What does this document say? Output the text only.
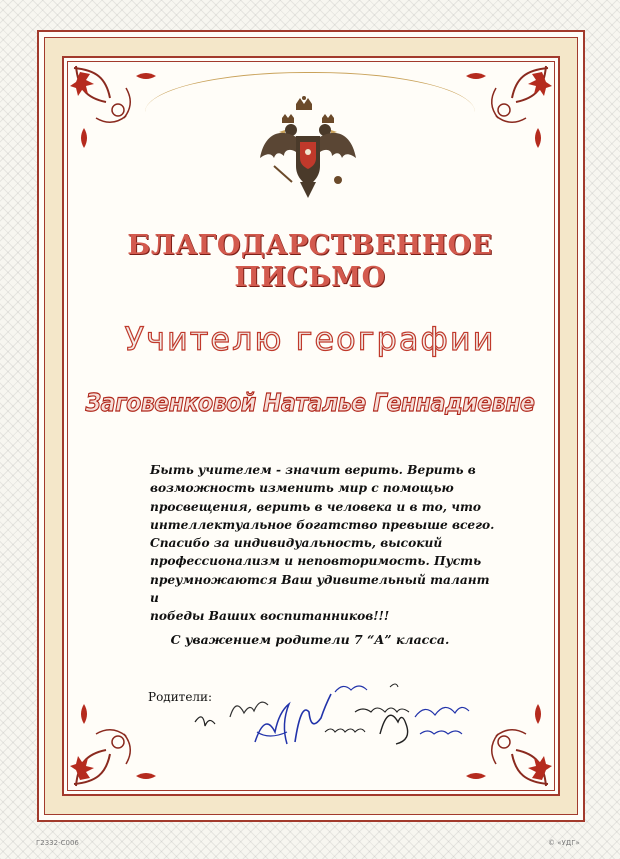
БЛАГОДАРСТВЕННОЕ
ПИСЬМО
Учителю географии
Заговенковой Наталье Геннадиевне
Быть учителем - значит верить. Верить в
возможность изменить мир с помощью
просвещения, верить в человека и в то, что
интеллектуальное богатство превыше всего.
Спасибо за индивидуальность, высокий
профессионализм и неповторимость. Пусть
преумножаются Ваш удивительный талант и
победы Ваших воспитанников!!!
С уважением родители 7 “А” класса.
Родители:
Г2332-С006	© «УДГ»
